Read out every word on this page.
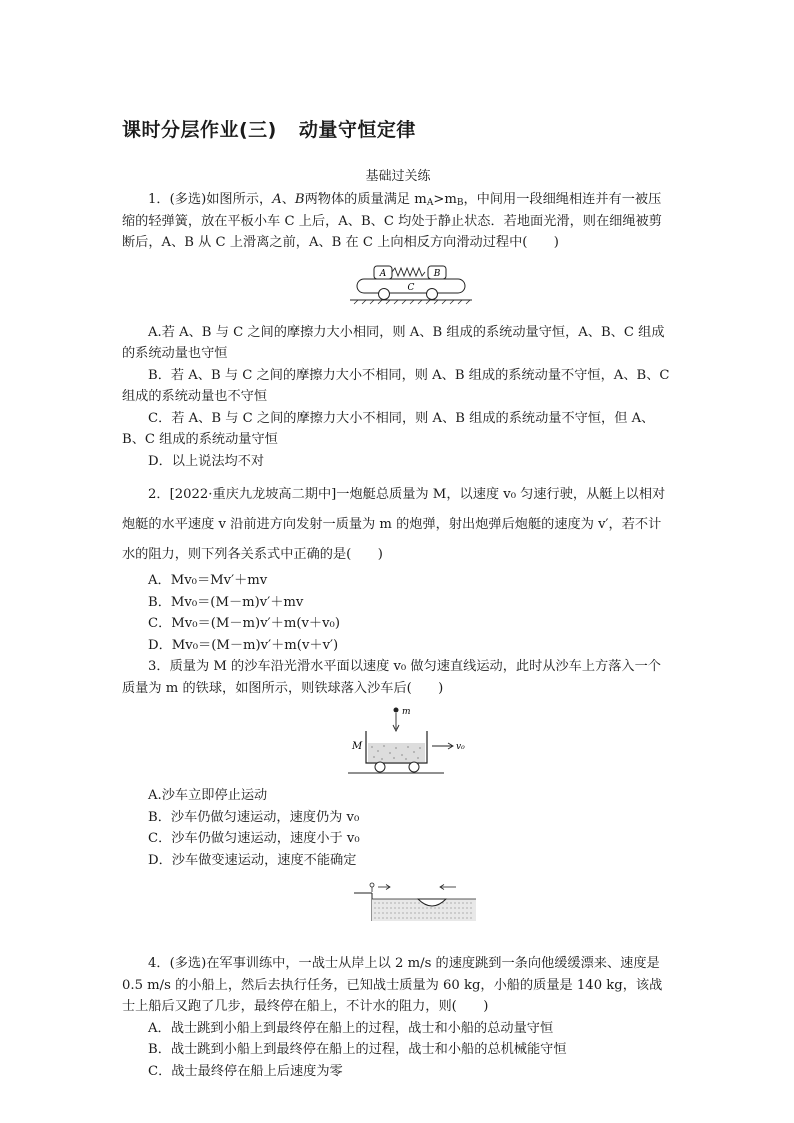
课时分层作业(三) 动量守恒定律
基础过关练

1．(多选)如图所示，A、B两物体的质量满足 $m_A>m_B$，中间用一段细绳相连并有一被压缩的轻弹簧，放在平板小车 C 上后，A、B、C 均处于静止状态．若地面光滑，则在细绳被剪断后，A、B 从 C 上滑离之前，A、B 在 C 上向相反方向滑动过程中(　　)

A	B
C

A.若 A、B 与 C 之间的摩擦力大小相同，则 A、B 组成的系统动量守恒，A、B、C 组成的系统动量也守恒

B．若 A、B 与 C 之间的摩擦力大小不相同，则 A、B 组成的系统动量不守恒，A、B、C 组成的系统动量也不守恒

C．若 A、B 与 C 之间的摩擦力大小不相同，则 A、B 组成的系统动量不守恒，但 A、B、C 组成的系统动量守恒

D．以上说法均不对

2．[2022·重庆九龙坡高二期中]一炮艇总质量为 M，以速度 v₀ 匀速行驶，从艇上以相对炮艇的水平速度 v 沿前进方向发射一质量为 m 的炮弹，射出炮弹后炮艇的速度为 v′，若不计水的阻力，则下列各关系式中正确的是(　　)

A．Mv₀＝Mv′＋mv

B．Mv₀＝(M－m)v′＋mv

C．Mv₀＝(M－m)v′＋m(v＋v₀)

D．Mv₀＝(M－m)v′＋m(v＋v′)

3．质量为 M 的沙车沿光滑水平面以速度 v₀ 做匀速直线运动，此时从沙车上方落入一个质量为 m 的铁球，如图所示，则铁球落入沙车后(　　)

m
M	v₀

A.沙车立即停止运动

B．沙车仍做匀速运动，速度仍为 v₀

C．沙车仍做匀速运动，速度小于 v₀

D．沙车做变速运动，速度不能确定

4．(多选)在军事训练中，一战士从岸上以 2 m/s 的速度跳到一条向他缓缓漂来、速度是 0.5 m/s 的小船上，然后去执行任务，已知战士质量为 60 kg，小船的质量是 140 kg，该战士上船后又跑了几步，最终停在船上，不计水的阻力，则(　　)

A．战士跳到小船上到最终停在船上的过程，战士和小船的总动量守恒

B．战士跳到小船上到最终停在船上的过程，战士和小船的总机械能守恒

C．战士最终停在船上后速度为零
